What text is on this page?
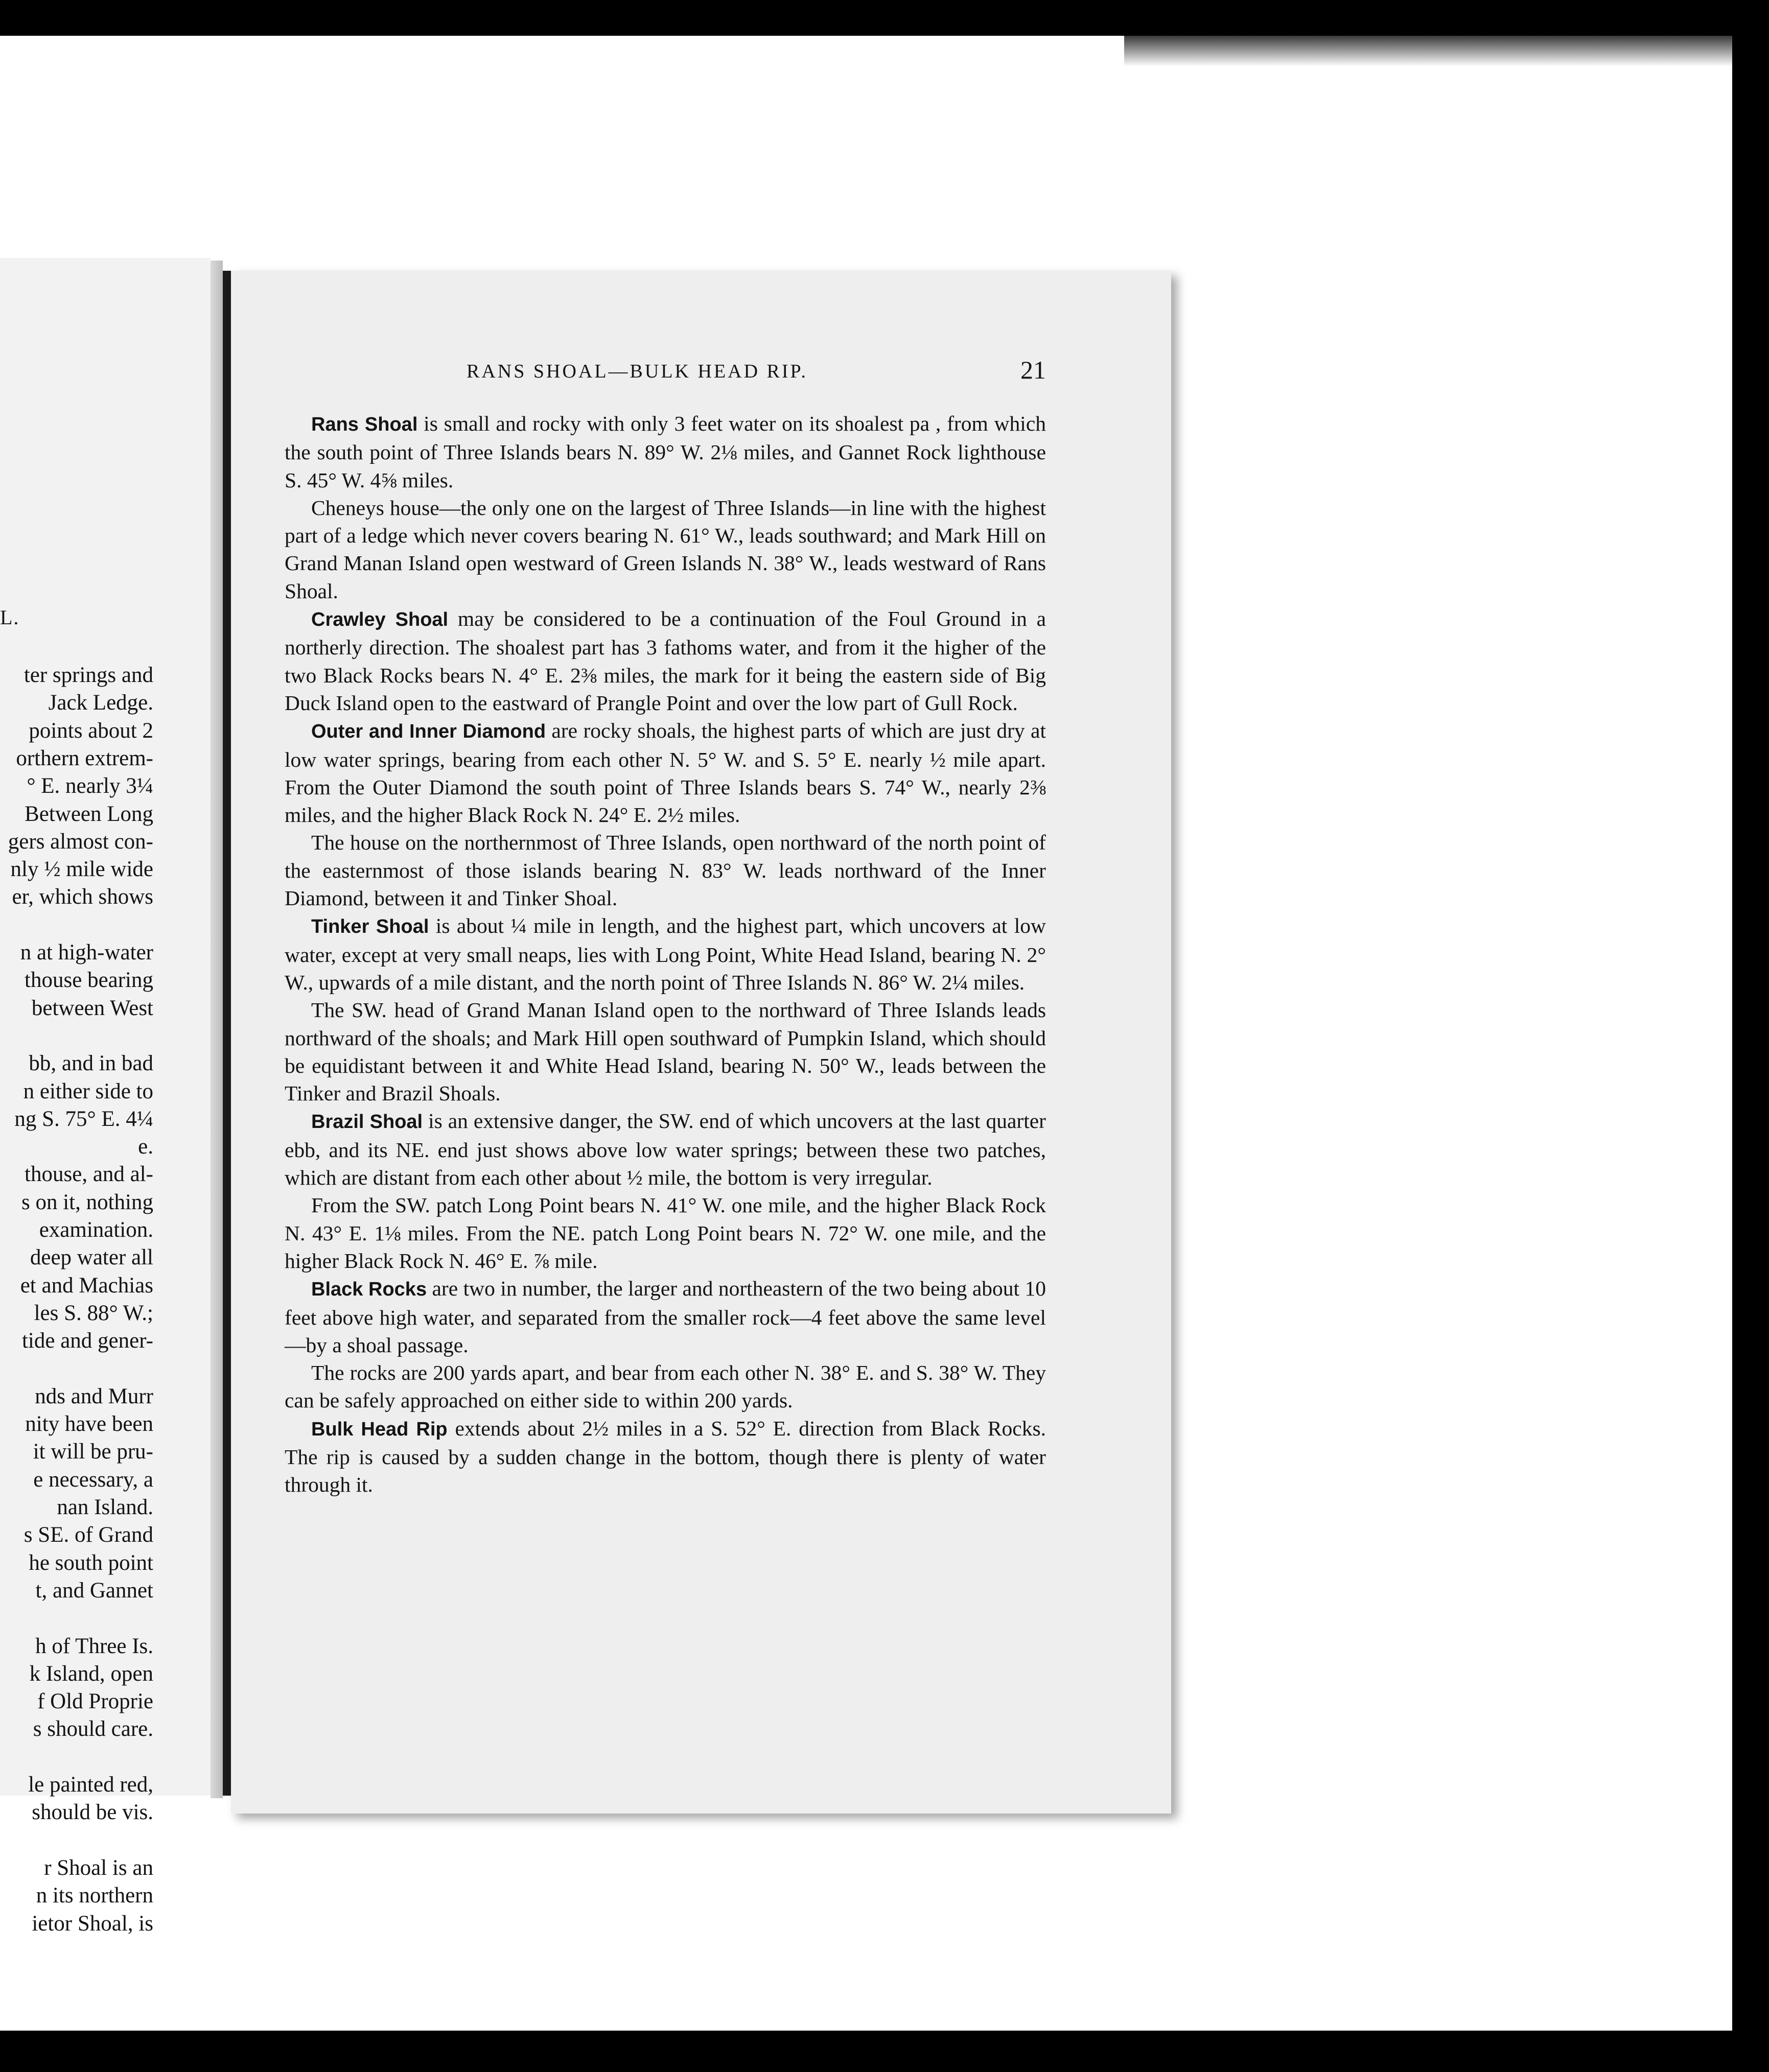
L.
ter springs and
Jack Ledge.
points about 2
orthern extrem-
° E. nearly 3¼
Between Long
gers almost con-
nly ½ mile wide
er, which shows
n at high-water
thouse bearing
between West
bb, and in bad
n either side to
ng S. 75° E. 4¼
e.
thouse, and al-
s on it, nothing
examination.
deep water all
et and Machias
les S. 88° W.;
tide and gener-
nds and Murr
nity have been
it will be pru-
e necessary, a
nan Island.
s SE. of Grand
he south point
t, and Gannet
h of Three Is.
k Island, open
f Old Proprie
s should care.
le painted red,
should be vis.
r Shoal is an
n its northern
ietor Shoal, is
RANS SHOAL—BULK HEAD RIP.	21

Rans Shoal is small and rocky with only 3 feet water on its shoalest pa , from which the south point of Three Islands bears N. 89° W. 2⅛ miles, and Gannet Rock lighthouse S. 45° W. 4⅝ miles.

Cheneys house—the only one on the largest of Three Islands—in line with the highest part of a ledge which never covers bearing N. 61° W., leads southward; and Mark Hill on Grand Manan Island open westward of Green Islands N. 38° W., leads westward of Rans Shoal.

Crawley Shoal may be considered to be a continuation of the Foul Ground in a northerly direction. The shoalest part has 3 fathoms water, and from it the higher of the two Black Rocks bears N. 4° E. 2⅜ miles, the mark for it being the eastern side of Big Duck Island open to the eastward of Prangle Point and over the low part of Gull Rock.

Outer and Inner Diamond are rocky shoals, the highest parts of which are just dry at low water springs, bearing from each other N. 5° W. and S. 5° E. nearly ½ mile apart. From the Outer Diamond the south point of Three Islands bears S. 74° W., nearly 2⅜ miles, and the higher Black Rock N. 24° E. 2½ miles.

The house on the northernmost of Three Islands, open northward of the north point of the easternmost of those islands bearing N. 83° W. leads northward of the Inner Diamond, between it and Tinker Shoal.

Tinker Shoal is about ¼ mile in length, and the highest part, which uncovers at low water, except at very small neaps, lies with Long Point, White Head Island, bearing N. 2° W., upwards of a mile distant, and the north point of Three Islands N. 86° W. 2¼ miles.

The SW. head of Grand Manan Island open to the northward of Three Islands leads northward of the shoals; and Mark Hill open southward of Pumpkin Island, which should be equidistant between it and White Head Island, bearing N. 50° W., leads between the Tinker and Brazil Shoals.

Brazil Shoal is an extensive danger, the SW. end of which uncovers at the last quarter ebb, and its NE. end just shows above low water springs; between these two patches, which are distant from each other about ½ mile, the bottom is very irregular.

From the SW. patch Long Point bears N. 41° W. one mile, and the higher Black Rock N. 43° E. 1⅛ miles. From the NE. patch Long Point bears N. 72° W. one mile, and the higher Black Rock N. 46° E. ⅞ mile.

Black Rocks are two in number, the larger and northeastern of the two being about 10 feet above high water, and separated from the smaller rock—4 feet above the same level—by a shoal passage.

The rocks are 200 yards apart, and bear from each other N. 38° E. and S. 38° W. They can be safely approached on either side to within 200 yards.

Bulk Head Rip extends about 2½ miles in a S. 52° E. direction from Black Rocks. The rip is caused by a sudden change in the bottom, though there is plenty of water through it.
